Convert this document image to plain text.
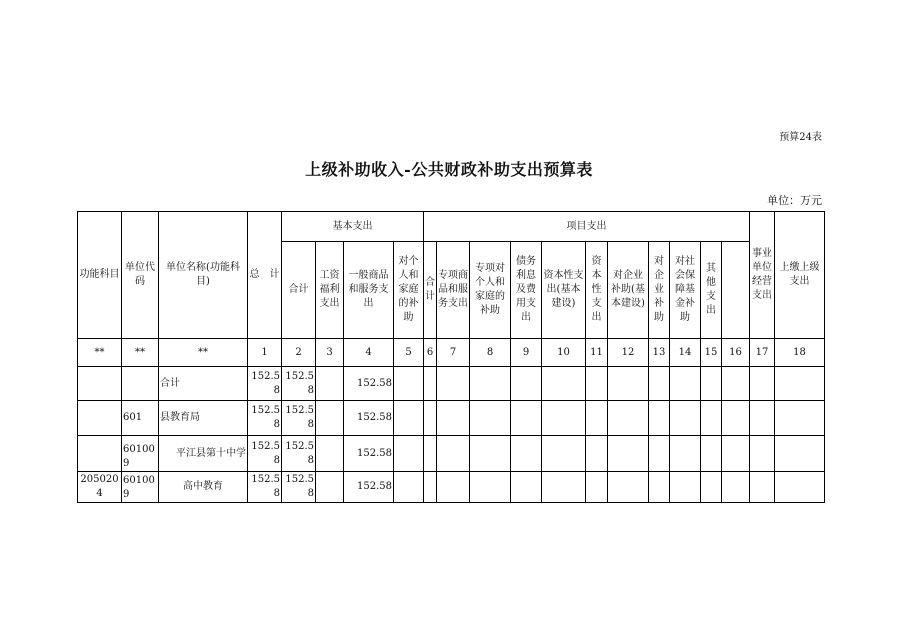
预算24表
上级补助收入-公共财政补助支出预算表
单位：万元
功能科目	单位代码	单位名称(功能科目)	总　计	基本支出				项目支出											事业单位经营支出	上缴上级支出	
				合计	工资福利支出	一般商品和服务支出	对个人和家庭的补助	合计	专项商品和服务支出	专项对个人和家庭的补助	债务利息及费用支出	资本性支出(基本建设)	资本性支出	对企业补助(基本建设)	对企业补助	对社会保障基金补助	其他支出				
**	**	**	1	2	3	4	5	6	7	8	9	10	11	12	13	14	15	16	17	18	
		合计	152.58	152.58		152.58															
	601	县教育局	152.58	152.58		152.58															
	601009	平江县第十中学	152.58	152.58		152.58															
2050204	601009	高中教育	152.58	152.58		152.58															
